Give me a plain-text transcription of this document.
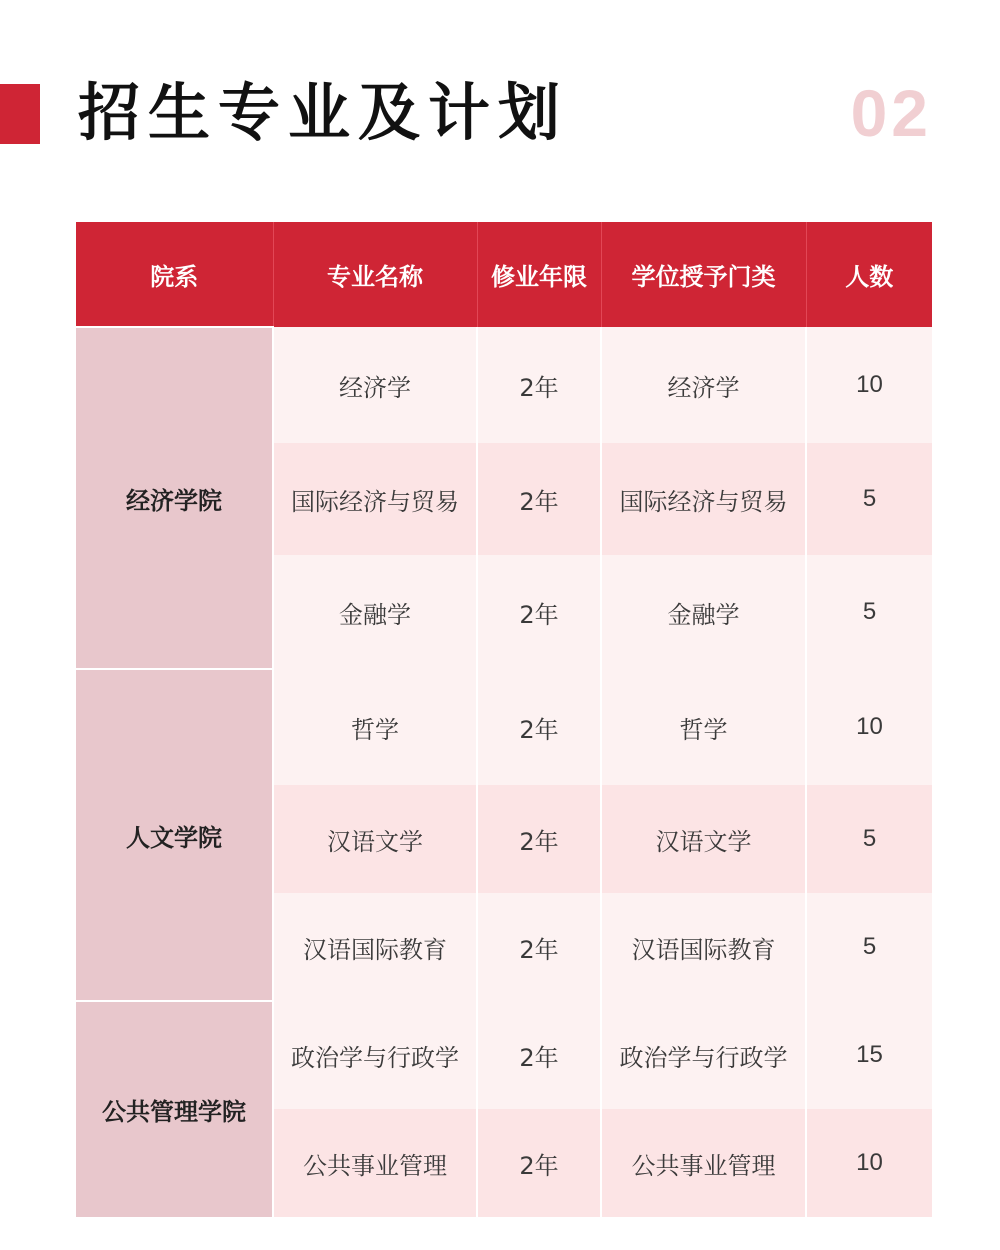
招生专业及计划	02
院系	专业名称	修业年限	学位授予门类	人数
经济学院	经济学	2年	经济学	10
	国际经济与贸易	2年	国际经济与贸易	5
	金融学	2年	金融学	5
人文学院	哲学	2年	哲学	10
	汉语文学	2年	汉语文学	5
	汉语国际教育	2年	汉语国际教育	5
公共管理学院	政治学与行政学	2年	政治学与行政学	15
	公共事业管理	2年	公共事业管理	10
